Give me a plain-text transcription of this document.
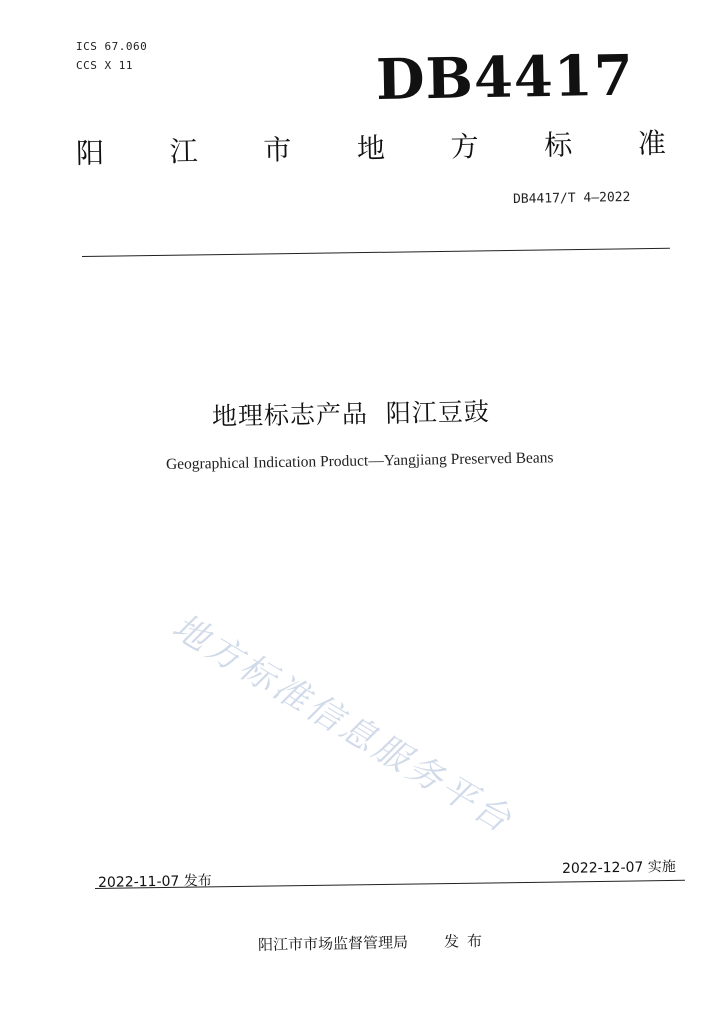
ICS 67.060
CCS X 11	DB4417
阳 江 市 地 方 标 准
DB4417/T 4—2022
地理标志产品  阳江豆豉
Geographical Indication Product—Yangjiang Preserved Beans
地方标准信息服务平台
2022-11-07 发布
2022-12-07 实施
阳江市市场监督管理局 发布
